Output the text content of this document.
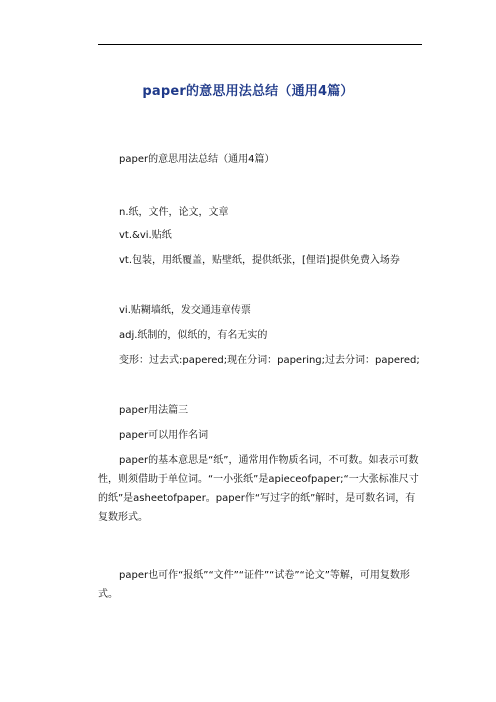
paper的意思用法总结（通用4篇）

paper的意思用法总结（通用4篇）

n.纸，文件，论文，文章

vt.&vi.贴纸

vt.包装，用纸覆盖，贴壁纸，提供纸张，[俚语]提供免费入场券

vi.贴糊墙纸，发交通违章传票

adj.纸制的，似纸的，有名无实的

变形：过去式:papered;现在分词：papering;过去分词：papered;

paper用法篇三

paper可以用作名词

paper的基本意思是“纸”，通常用作物质名词，不可数。如表示可数性，则须借助于单位词。“一小张纸”是apieceofpaper;“一大张标准尺寸的纸”是asheetofpaper。paper作“写过字的纸”解时，是可数名词，有复数形式。

paper也可作“报纸”“文件”“证件”“试卷”“论文”等解，可用复数形式。
